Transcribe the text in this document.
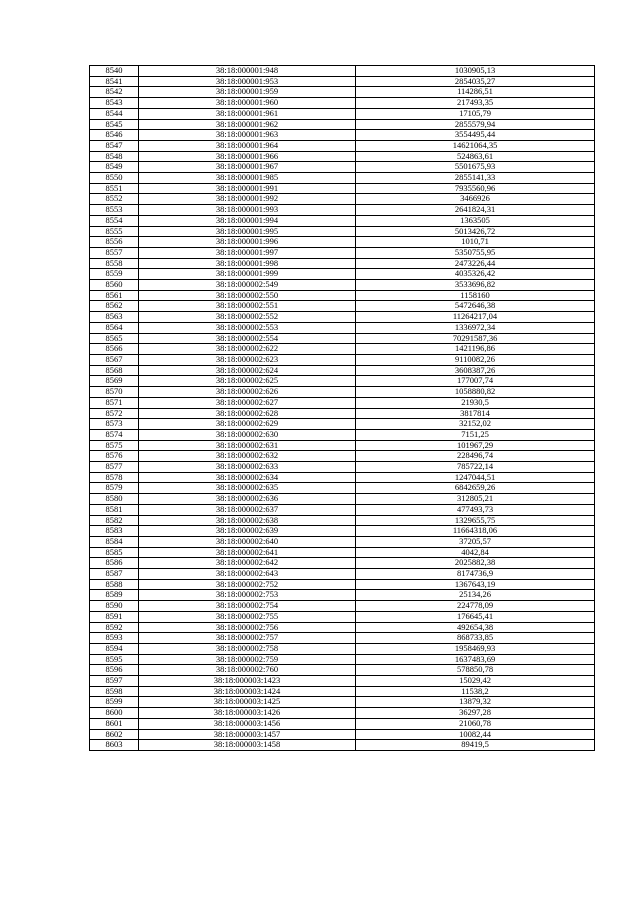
8540	38:18:000001:948	1030905,13
8541	38:18:000001:953	2854035,27
8542	38:18:000001:959	114286,51
8543	38:18:000001:960	217493,35
8544	38:18:000001:961	17105,79
8545	38:18:000001:962	2855579,94
8546	38:18:000001:963	3554495,44
8547	38:18:000001:964	14621064,35
8548	38:18:000001:966	524863,61
8549	38:18:000001:967	5501675,93
8550	38:18:000001:985	2855141,33
8551	38:18:000001:991	7935560,96
8552	38:18:000001:992	3466926
8553	38:18:000001:993	2641824,31
8554	38:18:000001:994	1363505
8555	38:18:000001:995	5013426,72
8556	38:18:000001:996	1010,71
8557	38:18:000001:997	5350755,95
8558	38:18:000001:998	2473226,44
8559	38:18:000001:999	4035326,42
8560	38:18:000002:549	3533696,82
8561	38:18:000002:550	1158160
8562	38:18:000002:551	5472646,38
8563	38:18:000002:552	11264217,04
8564	38:18:000002:553	1336972,34
8565	38:18:000002:554	70291587,36
8566	38:18:000002:622	1421196,86
8567	38:18:000002:623	9110082,26
8568	38:18:000002:624	3608387,26
8569	38:18:000002:625	177007,74
8570	38:18:000002:626	1058880,82
8571	38:18:000002:627	21930,5
8572	38:18:000002:628	3817814
8573	38:18:000002:629	32152,02
8574	38:18:000002:630	7151,25
8575	38:18:000002:631	101967,29
8576	38:18:000002:632	228496,74
8577	38:18:000002:633	785722,14
8578	38:18:000002:634	1247044,51
8579	38:18:000002:635	6842659,26
8580	38:18:000002:636	312805,21
8581	38:18:000002:637	477493,73
8582	38:18:000002:638	1329655,75
8583	38:18:000002:639	11664318,06
8584	38:18:000002:640	37205,57
8585	38:18:000002:641	4042,84
8586	38:18:000002:642	2025882,38
8587	38:18:000002:643	8174736,9
8588	38:18:000002:752	1367643,19
8589	38:18:000002:753	25134,26
8590	38:18:000002:754	224778,09
8591	38:18:000002:755	176645,41
8592	38:18:000002:756	492654,38
8593	38:18:000002:757	868733,85
8594	38:18:000002:758	1958469,93
8595	38:18:000002:759	1637483,69
8596	38:18:000002:760	578850,78
8597	38:18:000003:1423	15029,42
8598	38:18:000003:1424	11538,2
8599	38:18:000003:1425	13879,32
8600	38:18:000003:1426	36297,28
8601	38:18:000003:1456	21060,78
8602	38:18:000003:1457	10082,44
8603	38:18:000003:1458	89419,5
